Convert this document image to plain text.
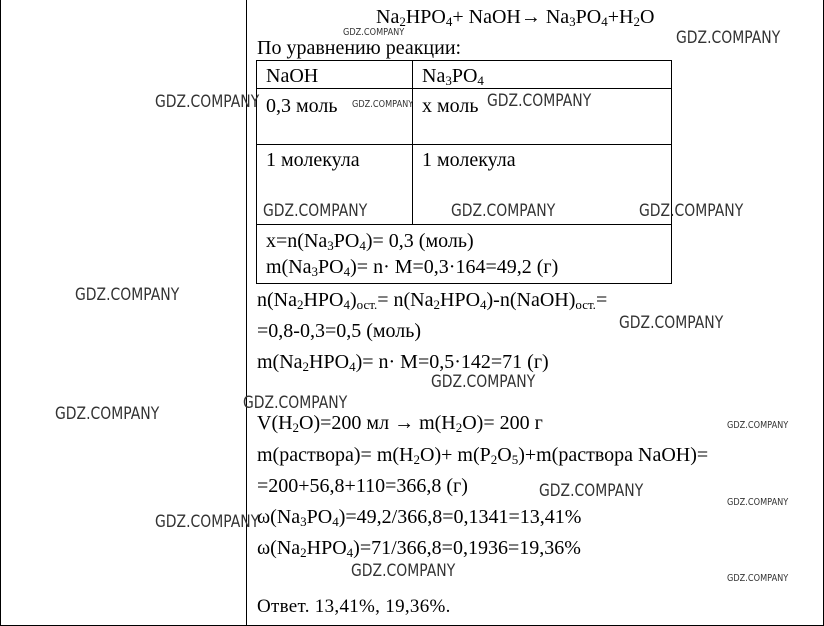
$Na_2HPO_4+$ NaOH→ $Na_3PO_4+H_2O$
По уравнению реакции:
NaOH	$Na_3PO_4$
0,3 моль	x моль
1 молекула	1 молекула
$x=n(Na_3PO_4)= 0,3$ (моль)
$m(Na_3PO_4)= n\cdot M=0,3\cdot 164=49,2$ (г)
$n(Na_2HPO_4)_{ост.}=$ $n(Na_2HPO_4)-n(NaOH)_{ост.}=$
=0,8-0,3=0,5 (моль)
$m(Na_2HPO_4)= n\cdot M=0,5\cdot 142=71$ (г)
$V(H_2O)=200$ мл → $m(H_2O)= 200$ г
m(раствора)= $m(H_2O)+$ $m(P_2O_5)+m(раствора$ NaOH)=
=200+56,8+110=366,8 (г)
$\omega(Na_3PO_4)=49,2/366,8=0,1341=13,41\%$
$\omega(Na_2HPO_4)=71/366,8=0,1936=19,36\%$
Ответ. 13,41%, 19,36%.
GDZ.COMPANY	GDZ.COMPANY
GDZ.COMPANY	GDZ.COMPANY	GDZ.COMPANY
GDZ.COMPANY	GDZ.COMPANY	GDZ.COMPANY
GDZ.COMPANY
GDZ.COMPANY
GDZ.COMPANY
GDZ.COMPANY
GDZ.COMPANY
GDZ.COMPANY
GDZ.COMPANY
GDZ.COMPANY
GDZ.COMPANY
GDZ.COMPANY	GDZ.COMPANY
